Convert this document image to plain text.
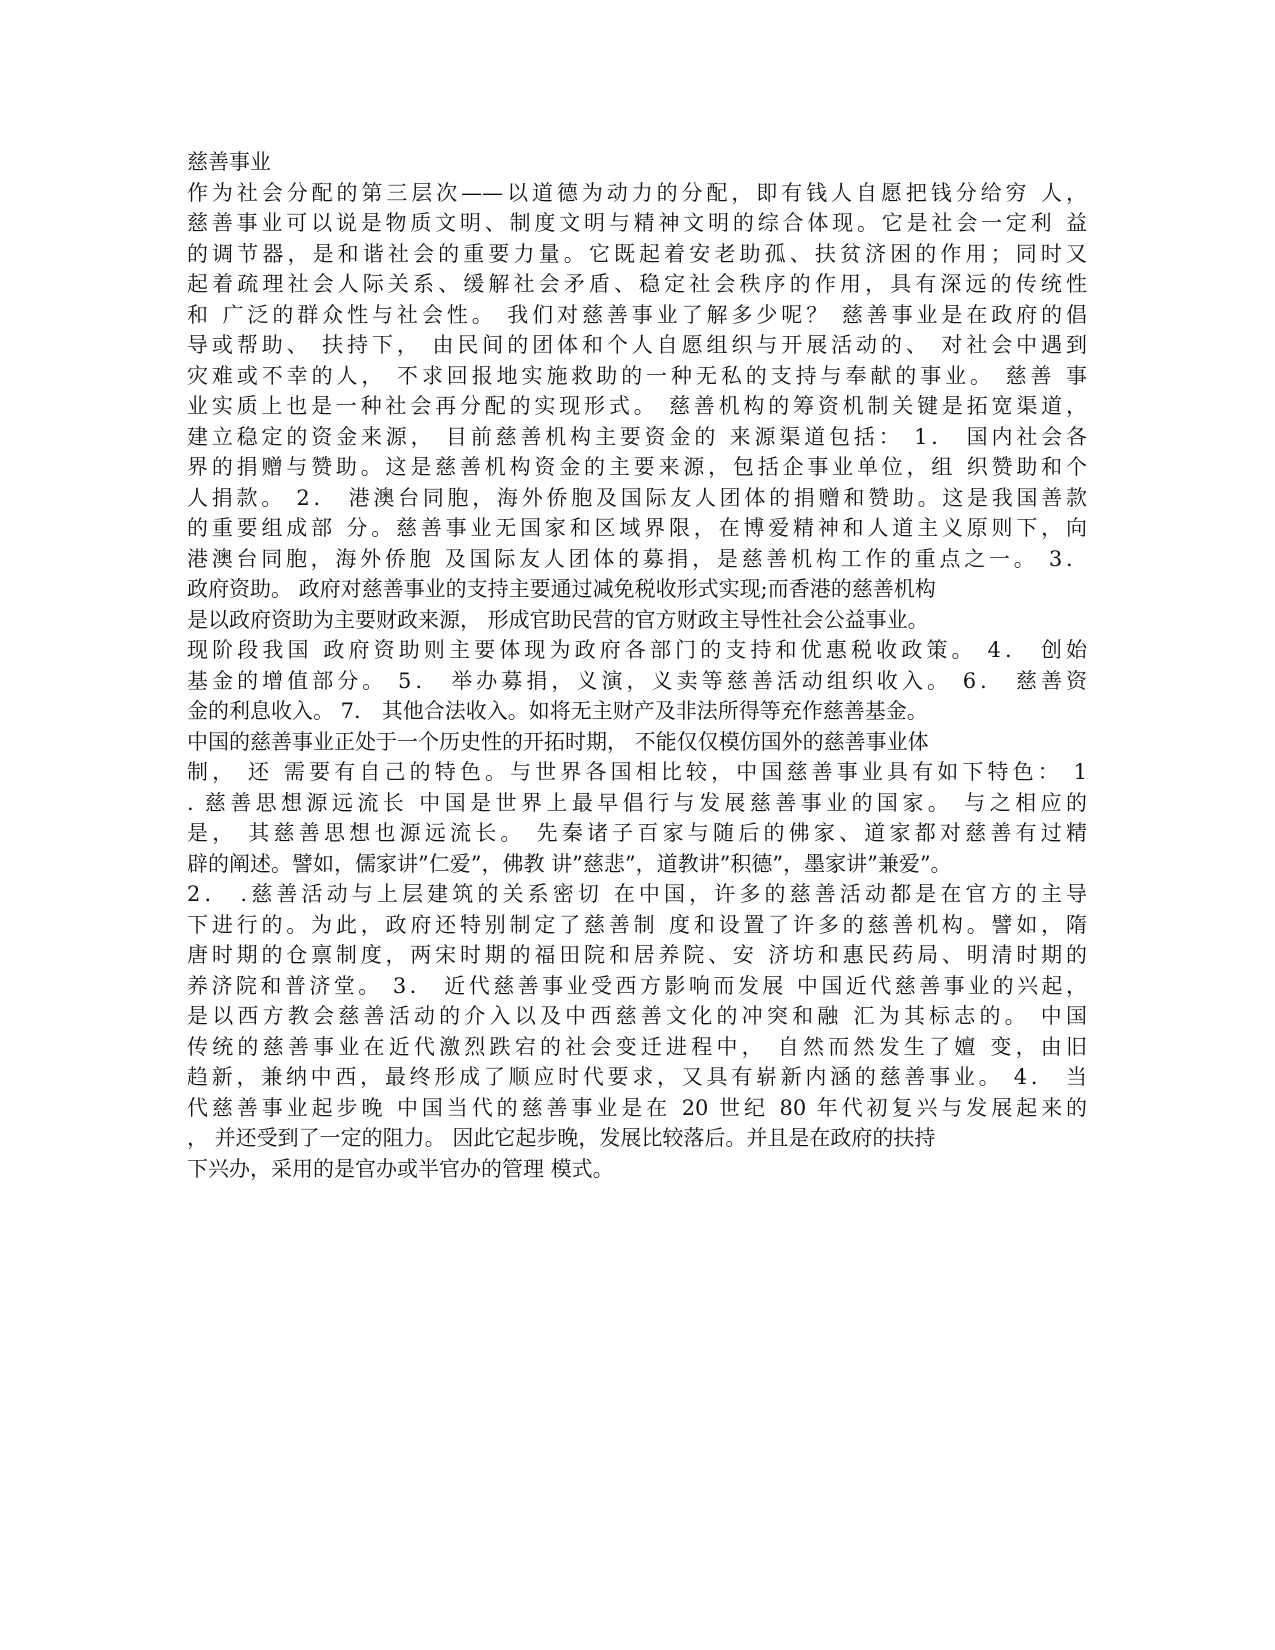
慈善事业
作为社会分配的第三层次——以道德为动力的分配，即有钱人自愿把钱分给穷 人，
慈善事业可以说是物质文明、制度文明与精神文明的综合体现。它是社会一定利 益
的调节器，是和谐社会的重要力量。它既起着安老助孤、扶贫济困的作用；同时又
起着疏理社会人际关系、缓解社会矛盾、稳定社会秩序的作用，具有深远的传统性
和 广泛的群众性与社会性。 我们对慈善事业了解多少呢？ 慈善事业是在政府的倡
导或帮助、 扶持下， 由民间的团体和个人自愿组织与开展活动的、 对社会中遇到
灾难或不幸的人， 不求回报地实施救助的一种无私的支持与奉献的事业。 慈善 事
业实质上也是一种社会再分配的实现形式。 慈善机构的筹资机制关键是拓宽渠道，
建立稳定的资金来源， 目前慈善机构主要资金的 来源渠道包括： 1． 国内社会各
界的捐赠与赞助。这是慈善机构资金的主要来源，包括企事业单位，组 织赞助和个
人捐款。 2． 港澳台同胞，海外侨胞及国际友人团体的捐赠和赞助。这是我国善款
的重要组成部 分。慈善事业无国家和区域界限，在博爱精神和人道主义原则下，向
港澳台同胞，海外侨胞 及国际友人团体的募捐，是慈善机构工作的重点之一。 3．
政府资助。 政府对慈善事业的支持主要通过减免税收形式实现;而香港的慈善机构
是以政府资助为主要财政来源， 形成官助民营的官方财政主导性社会公益事业。
现阶段我国 政府资助则主要体现为政府各部门的支持和优惠税收政策。 4． 创始
基金的增值部分。 5． 举办募捐，义演，义卖等慈善活动组织收入。 6． 慈善资
金的利息收入。 7． 其他合法收入。如将无主财产及非法所得等充作慈善基金。
中国的慈善事业正处于一个历史性的开拓时期， 不能仅仅模仿国外的慈善事业体
制， 还 需要有自己的特色。与世界各国相比较，中国慈善事业具有如下特色： 1
. 慈善思想源远流长 中国是世界上最早倡行与发展慈善事业的国家。 与之相应的
是， 其慈善思想也源远流长。 先秦诸子百家与随后的佛家、道家都对慈善有过精
辟的阐述。譬如，儒家讲”仁爱”，佛教 讲”慈悲”，道教讲”积德”，墨家讲”兼爱”。
2． .慈善活动与上层建筑的关系密切 在中国，许多的慈善活动都是在官方的主导
下进行的。为此，政府还特别制定了慈善制 度和设置了许多的慈善机构。譬如，隋
唐时期的仓禀制度，两宋时期的福田院和居养院、安 济坊和惠民药局、明清时期的
养济院和普济堂。 3． 近代慈善事业受西方影响而发展 中国近代慈善事业的兴起，
是以西方教会慈善活动的介入以及中西慈善文化的冲突和融 汇为其标志的。 中国
传统的慈善事业在近代激烈跌宕的社会变迁进程中， 自然而然发生了嬗 变，由旧
趋新，兼纳中西，最终形成了顺应时代要求，又具有崭新内涵的慈善事业。 4． 当
代慈善事业起步晚 中国当代的慈善事业是在 20 世纪 80 年代初复兴与发展起来的
， 并还受到了一定的阻力。 因此它起步晚，发展比较落后。并且是在政府的扶持
下兴办，采用的是官办或半官办的管理 模式。
